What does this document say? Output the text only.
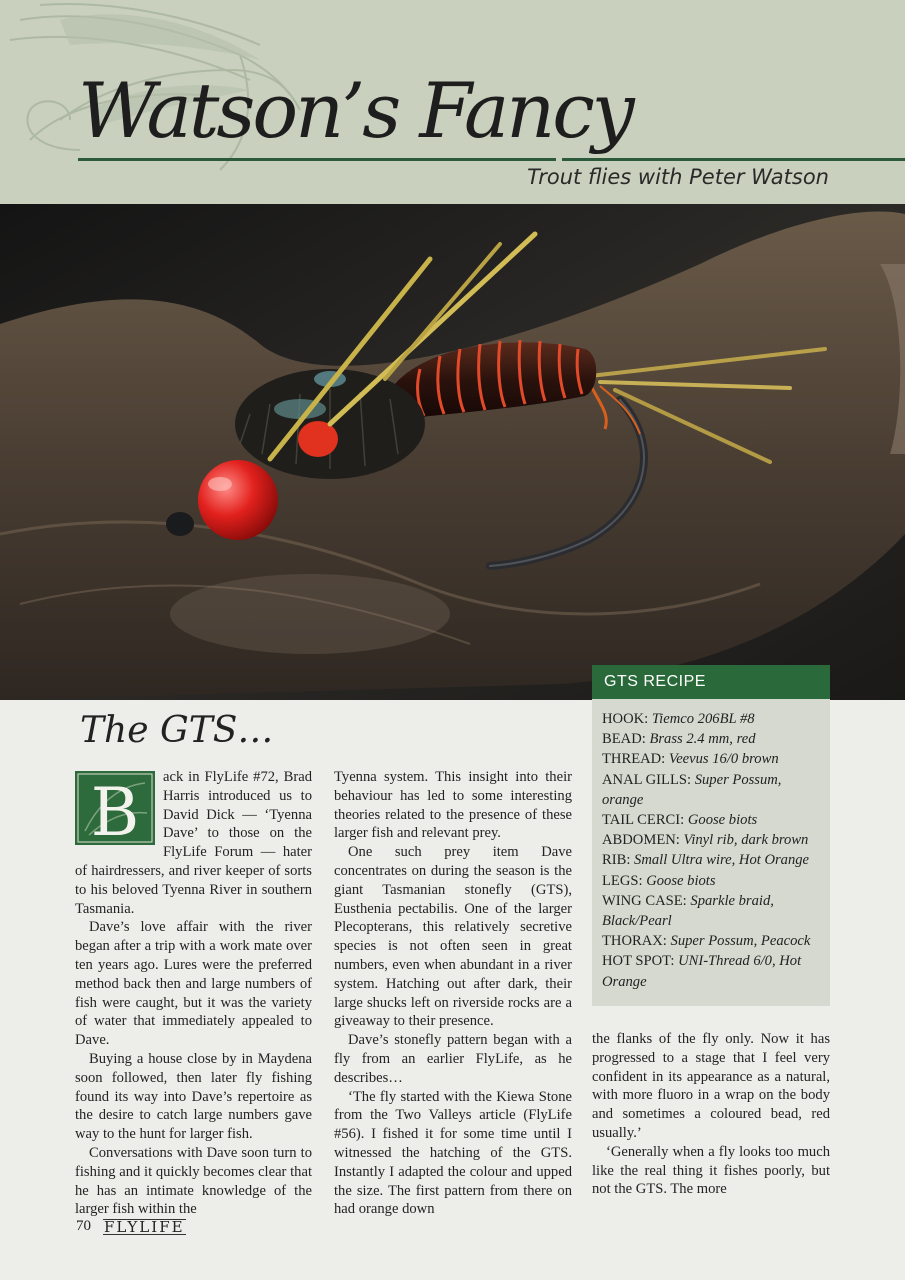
Watson’s Fancy
Trout flies with Peter Watson
GTS RECIPE

HOOK: Tiemco 206BL #8

BEAD: Brass 2.4 mm, red

THREAD: Veevus 16/0 brown

ANAL GILLS: Super Possum, orange

TAIL CERCI: Goose biots

ABDOMEN: Vinyl rib, dark brown

RIB: Small Ultra wire, Hot Orange

LEGS: Goose biots

WING CASE: Sparkle braid, Black/Pearl

THORAX: Super Possum, Peacock

HOT SPOT: UNI-Thread 6/0, Hot Orange

The GTS…
B	ack in FlyLife #72, Brad Harris introduced us to David Dick — ‘Tyenna Dave’ to those on the FlyLife Forum — hater of hairdressers, and river keeper of sorts to his beloved Tyenna River in southern Tasmania.

Dave’s love affair with the river began after a trip with a work mate over ten years ago. Lures were the preferred method back then and large numbers of fish were caught, but it was the variety of water that immediately appealed to Dave.

Buying a house close by in Maydena soon followed, then later fly fishing found its way into Dave’s repertoire as the desire to catch large numbers gave way to the hunt for larger fish.

Conversations with Dave soon turn to fishing and it quickly becomes clear that he has an intimate knowledge of the larger fish within the

Tyenna system. This insight into their behaviour has led to some interesting theories related to the presence of these larger fish and relevant prey.

One such prey item Dave concentrates on during the season is the giant Tasmanian stonefly (GTS), Eusthenia pectabilis. One of the larger Plecopterans, this relatively secretive species is not often seen in great numbers, even when abundant in a river system. Hatching out after dark, their large shucks left on riverside rocks are a giveaway to their presence.

Dave’s stonefly pattern began with a fly from an earlier FlyLife, as he describes…

‘The fly started with the Kiewa Stone from the Two Valleys article (FlyLife #56). I fished it for some time until I witnessed the hatching of the GTS. Instantly I adapted the colour and upped the size. The first pattern from there on had orange down

the flanks of the fly only. Now it has progressed to a stage that I feel very confident in its appearance as a natural, with more fluoro in a wrap on the body and sometimes a coloured bead, red usually.’

‘Generally when a fly looks too much like the real thing it fishes poorly, but not the GTS. The more

70 FLYLIFE
